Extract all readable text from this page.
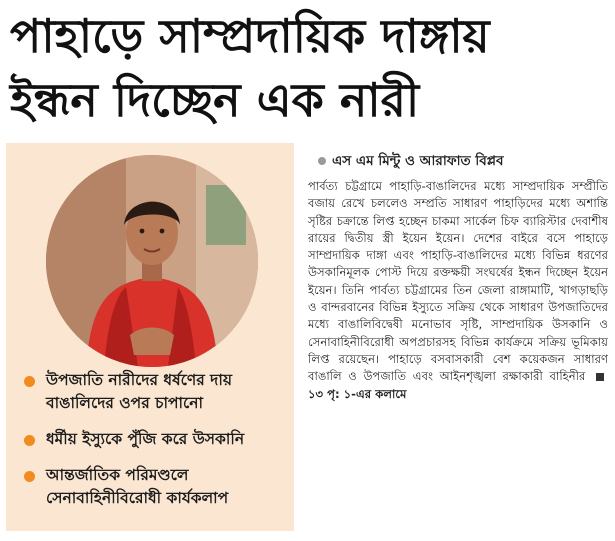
পাহাড়ে সাম্প্রদায়িক দাঙ্গায়
ইন্ধন দিচ্ছেন এক নারী
উপজাতি নারীদের ধর্ষণের দায় বাঙালিদের ওপর চাপানো
ধর্মীয় ইস্যুকে পুঁজি করে উসকানি
আন্তর্জাতিক পরিমণ্ডলে সেনাবাহিনীবিরোধী কার্যকলাপ
এস এম মিন্টু ও আরাফাত বিপ্লব
পার্বত্য চট্টগ্রামে পাহাড়ি-বাঙালিদের মধ্যে সাম্প্রদায়িক সম্প্রীতি বজায় রেখে চললেও সম্প্রতি সাধারণ পাহাড়িদের মধ্যে অশান্তি সৃষ্টির চক্রান্তে লিপ্ত হচ্ছেন চাকমা সার্কেল চিফ ব্যারিস্টার দেবাশীষ রায়ের দ্বিতীয় স্ত্রী ইয়েন ইয়েন। দেশের বাইরে বসে পাহাড়ে সাম্প্রদায়িক দাঙ্গা এবং পাহাড়ি-বাঙালিদের মধ্যে বিভিন্ন ধরণের উসকানিমূলক পোস্ট দিয়ে রক্তক্ষয়ী সংঘর্ষের ইন্ধন দিচ্ছেন ইয়েন ইয়েন। তিনি পার্বত্য চট্টগ্রামের তিন জেলা রাঙ্গামাটি, খাগড়াছড়ি ও বান্দরবানের বিভিন্ন ইস্যুতে সক্রিয় থেকে সাধারণ উপজাতিদের মধ্যে বাঙালিবিদ্বেষী মনোভাব সৃষ্টি, সাম্প্রদায়িক উসকানি ও সেনাবাহিনীবিরোধী অপপ্রচারসহ বিভিন্ন কার্যক্রমে সক্রিয় ভূমিকায় লিপ্ত রয়েছেন। পাহাড়ে বসবাসকারী বেশ কয়েকজন সাধারণ বাঙালি ও উপজাতি এবং আইনশৃঙ্খলা রক্ষাকারী বাহিনীর ১৩ পৃ: ১-এর কলামে
